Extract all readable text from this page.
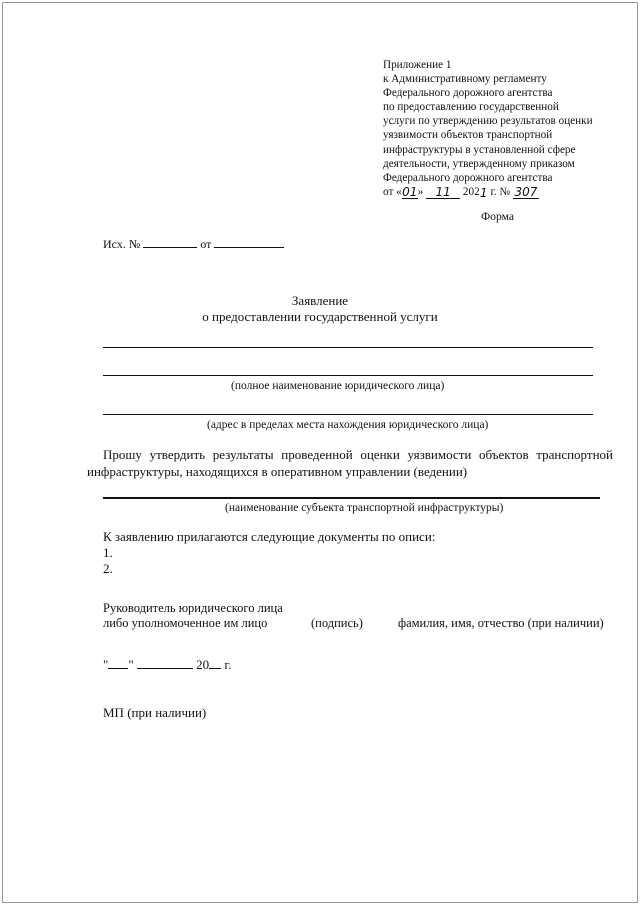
Приложение 1
к Административному регламенту
Федерального дорожного агентства
по предоставлению государственной
услуги по утверждению результатов оценки
уязвимости объектов транспортной
инфраструктуры в установленной сфере
деятельности, утвержденному приказом
Федерального дорожного агентства
от «01» 11 2021 г. № 307
Форма
Исх. №	от
Заявление
о предоставлении государственной услуги
(полное наименование юридического лица)
(адрес в пределах места нахождения юридического лица)
Прошу утвердить результаты проведенной оценки уязвимости объектов транспортной
инфраструктуры, находящихся в оперативном управлении (ведении)
(наименование субъекта транспортной инфраструктуры)
К заявлению прилагаются следующие документы по описи:
1.
2.
Руководитель юридического лица
либо уполномоченное им лицо	(подпись)	фамилия, имя, отчество (при наличии)
" "	20 г.
МП (при наличии)
